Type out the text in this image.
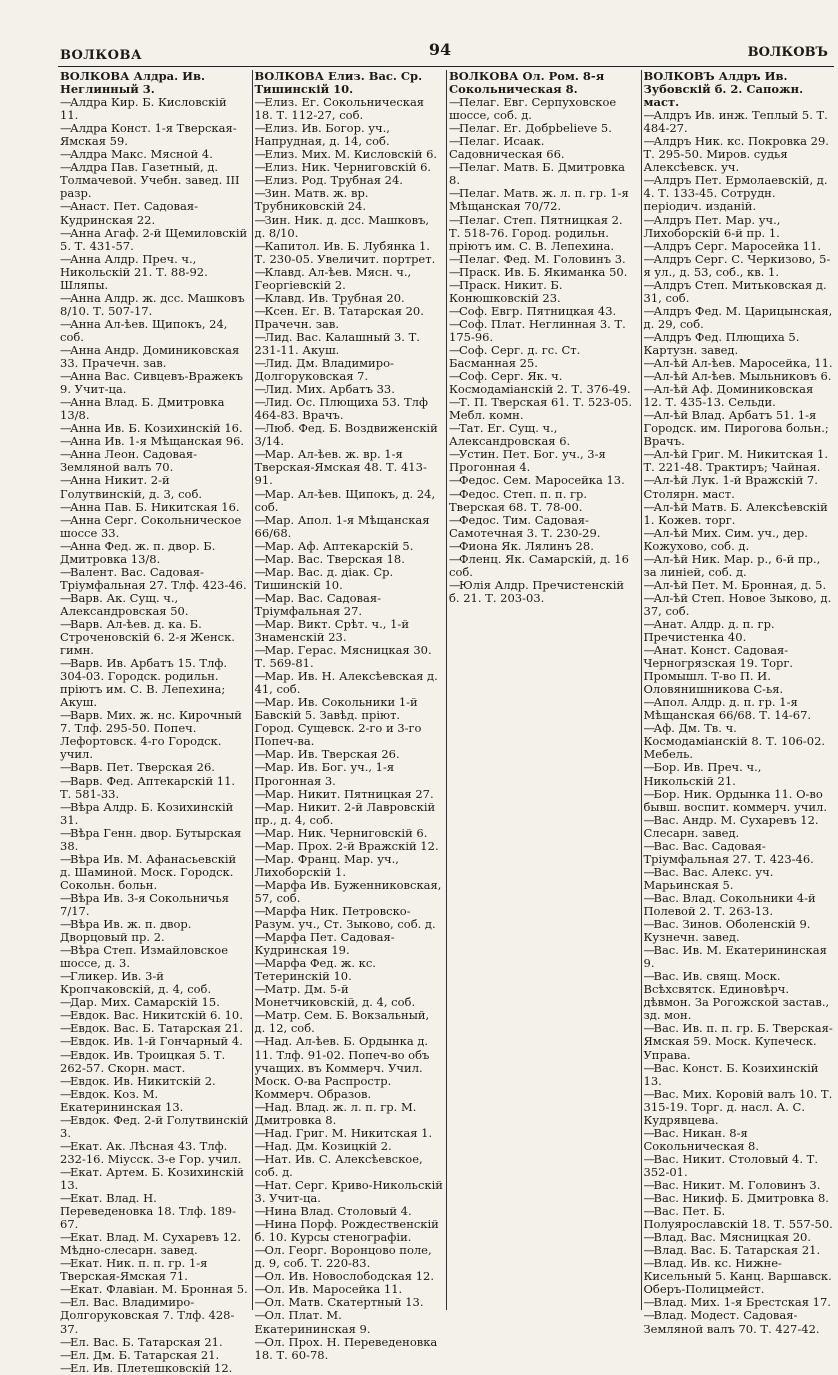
ВОЛКОВА	94	ВОЛКОВЪ
ВОЛКОВА Алдра. Ив. Неглинный 3.
—Алдра Кир. Б. Кисловскій 11.
—Алдра Конст. 1-я Тверская-Ямская 59.
—Алдра Макс. Мясной 4.
—Алдра Пав. Газетный, д. Толмачевой. Учебн. завед. III разр.
—Анаст. Пет. Садовая-Кудринская 22.
—Анна Агаф. 2-й Щемиловскій 5. Т. 431-57.
—Анна Алдр. Преч. ч., Никольскій 21. Т. 88-92. Шляпы.
—Анна Алдр. ж. дсс. Машковъ 8/10. Т. 507-17.
—Анна Ал-ѣев. Щипокъ, 24, соб.
—Анна Андр. Доминиковская 33. Прачечн. зав.
—Анна Вас. Сивцевъ-Вражекъ 9. Учит-ца.
—Анна Влад. Б. Дмитровка 13/8.
—Анна Ив. Б. Козихинскій 16.
—Анна Ив. 1-я Мѣщанская 96.
—Анна Леон. Садовая-Земляной валъ 70.
—Анна Никит. 2-й Голутвинскій, д. 3, соб.
—Анна Пав. Б. Никитская 16.
—Анна Серг. Сокольническое шоссе 33.
—Анна Фед. ж. п. двор. Б. Дмитровка 13/8.
—Валент. Вас. Садовая-Тріумфальная 27. Тлф. 423-46.
—Варв. Ак. Сущ. ч., Александровская 50.
—Варв. Ал-ѣев. д. ка. Б. Строченовскій 6. 2-я Женск. гимн.
—Варв. Ив. Арбатъ 15. Тлф. 304-03. Городск. родильн. пріютъ им. С. В. Лепехина; Акуш.
—Варв. Мих. ж. нс. Кирочный 7. Тлф. 295-50. Попеч. Лефортовск. 4-го Городск. учил.
—Варв. Пет. Тверская 26.
—Варв. Фед. Аптекарскій 11. Т. 581-33.
—Вѣра Алдр. Б. Козихинскій 31.
—Вѣра Генн. двор. Бутырская 38.
—Вѣра Ив. М. Афанасьевскій д. Шаминой. Моск. Городск. Сокольн. больн.
—Вѣра Ив. 3-я Сокольничья 7/17.
—Вѣра Ив. ж. п. двор. Дворцовый пр. 2.
—Вѣра Степ. Измайловское шоссе, д. 3.
—Гликер. Ив. 3-й Кропчаковскій, д. 4, соб.
—Дар. Мих. Самарскій 15.
—Евдок. Вас. Никитскій 6. 10.
—Евдок. Вас. Б. Татарская 21.
—Евдок. Ив. 1-й Гончарный 4.
—Евдок. Ив. Троицкая 5. Т. 262-57. Скорн. маст.
—Евдок. Ив. Никитскій 2.
—Евдок. Коз. М. Екатерининская 13.
—Евдок. Фед. 2-й Голутвинскій 3.
—Екат. Ак. Лѣсная 43. Тлф. 232-16. Міусск. 3-е Гор. учил.
—Екат. Артем. Б. Козихинскій 13.
—Екат. Влад. Н. Переведеновка 18. Тлф. 189-67.
—Екат. Влад. М. Сухаревъ 12. Мѣдно-слесарн. завед.
—Екат. Ник. п. п. гр. 1-я Тверская-Ямская 71.
—Екат. Флавіан. М. Бронная 5.
—Ел. Вас. Владимиро-Долгоруковская 7. Тлф. 428-37.
—Ел. Вас. Б. Татарская 21.
—Ел. Дм. Б. Татарская 21.
—Ел. Ив. Плетешковскій 12.
ВОЛКОВА Елиз. Вас. Ср. Тишинскій 10.
—Елиз. Ег. Сокольническая 18. Т. 112-27, соб.
—Елиз. Ив. Богор. уч., Напрудная, д. 14, соб.
—Елиз. Мих. М. Кисловскій 6.
—Елиз. Ник. Черниговскій 6.
—Елиз. Род. Трубная 24.
—Зин. Матв. ж. вр. Трубниковскій 24.
—Зин. Ник. д. дсс. Машковъ, д. 8/10.
—Капитол. Ив. Б. Лубянка 1. Т. 230-05. Увеличит. портрет.
—Клавд. Ал-ѣев. Мясн. ч., Георгіевскій 2.
—Клавд. Ив. Трубная 20.
—Ксен. Ег. В. Татарская 20. Прачечн. зав.
—Лид. Вас. Калашный 3. Т. 231-11. Акуш.
—Лид. Дм. Владимиро-Долгоруковская 7.
—Лид. Мих. Арбатъ 33.
—Лид. Ос. Плющиха 53. Тлф 464-83. Врачъ.
—Люб. Фед. Б. Воздвиженскій 3/14.
—Мар. Ал-ѣев. ж. вр. 1-я Тверская-Ямская 48. Т. 413-91.
—Мар. Ал-ѣев. Щипокъ, д. 24, соб.
—Мар. Апол. 1-я Мѣщанская 66/68.
—Мар. Аф. Аптекарскій 5.
—Мар. Вас. Тверская 18.
—Мар. Вас. д. діак. Ср. Тишинскій 10.
—Мар. Вас. Садовая-Тріумфальная 27.
—Мар. Викт. Срѣт. ч., 1-й Знаменскій 23.
—Мар. Герас. Мясницкая 30. Т. 569-81.
—Мар. Ив. Н. Алексѣевская д. 41, соб.
—Мар. Ив. Сокольники 1-й Бавскій 5. Завѣд. пріют. Город. Сущевск. 2-го и 3-го Попеч-ва.
—Мар. Ив. Тверская 26.
—Мар. Ив. Бог. уч., 1-я Прогонная 3.
—Мар. Никит. Пятницкая 27.
—Мар. Никит. 2-й Лавровскій пр., д. 4, соб.
—Мар. Ник. Черниговскій 6.
—Мар. Прох. 2-й Вражскій 12.
—Мар. Франц. Мар. уч., Лихоборскій 1.
—Марфа Ив. Буженниковская, 57, соб.
—Марфа Ник. Петровско-Разум. уч., Ст. Зыково, соб. д.
—Марфа Пет. Садовая-Кудринская 19.
—Марфа Фед. ж. кс. Тетеринскій 10.
—Матр. Дм. 5-й Монетчиковскій, д. 4, соб.
—Матр. Сем. Б. Вокзальный, д. 12, соб.
—Над. Ал-ѣев. Б. Ордынка д. 11. Тлф. 91-02. Попеч-во объ учащих. въ Коммерч. Учил. Моск. О-ва Распростр. Коммерч. Образов.
—Над. Влад. ж. л. п. гр. М. Дмитровка 8.
—Над. Григ. М. Никитская 1.
—Над. Дм. Козицкій 2.
—Нат. Ив. С. Алексѣевское, соб. д.
—Нат. Серг. Криво-Никольскій 3. Учит-ца.
—Нина Влад. Столовый 4.
—Нина Порф. Рождественскій б. 10. Курсы стенографіи.
—Ол. Георг. Воронцово поле, д. 9, соб. Т. 220-83.
—Ол. Ив. Новослободская 12.
—Ол. Ив. Маросейка 11.
—Ол. Матв. Скатертный 13.
—Ол. Плат. М. Екатерининская 9.
—Ол. Прох. Н. Переведеновка 18. Т. 60-78.
ВОЛКОВА Ол. Ром. 8-я Сокольническая 8.
—Пелаг. Евг. Серпуховское шоссе, соб. д.
—Пелаг. Ег. Добрbelieve 5.
—Пелаг. Исаак. Садовническая 66.
—Пелаг. Матв. Б. Дмитровка 8.
—Пелаг. Матв. ж. л. п. гр. 1-я Мѣщанская 70/72.
—Пелаг. Степ. Пятницкая 2. Т. 518-76. Город. родильн. пріютъ им. С. В. Лепехина.
—Пелаг. Фед. М. Головинъ 3.
—Праск. Ив. Б. Якиманка 50.
—Праск. Никит. Б. Конюшковскій 23.
—Соф. Евгр. Пятницкая 43.
—Соф. Плат. Неглинная 3. Т. 175-96.
—Соф. Серг. д. гс. Ст. Басманная 25.
—Соф. Серг. Як. ч. Космодаміанскій 2. Т. 376-49.
—Т. П. Тверская 61. Т. 523-05. Мебл. комн.
—Тат. Ег. Сущ. ч., Александровская 6.
—Устин. Пет. Бог. уч., 3-я Прогонная 4.
—Федос. Сем. Маросейка 13.
—Федос. Степ. п. п. гр. Тверская 68. Т. 78-00.
—Федос. Тим. Садовая-Самотечная 3. Т. 230-29.
—Фиона Як. Лялинъ 28.
—Фленц. Як. Самарскій, д. 16 соб.
—Юлія Алдр. Пречистенскій б. 21. Т. 203-03.
ВОЛКОВЪ Алдръ Ив. Зубовскій б. 2. Сапожн. маст.
—Алдръ Ив. инж. Теплый 5. Т. 484-27.
—Алдръ Ник. кс. Покровка 29. Т. 295-50. Миров. судья Алексѣевск. уч.
—Алдръ Пет. Ермолаевскій, д. 4. Т. 133-45. Сотрудн. періодич. изданій.
—Алдръ Пет. Мар. уч., Лихоборскій 6-й пр. 1.
—Алдръ Серг. Маросейка 11.
—Алдръ Серг. С. Черкизово, 5-я ул., д. 53, соб., кв. 1.
—Алдръ Степ. Митьковская д. 31, соб.
—Алдръ Фед. М. Царицынская, д. 29, соб.
—Алдръ Фед. Плющиха 5. Картузн. завед.
—Ал-ѣй Ал-ѣев. Маросейка, 11.
—Ал-ѣй Ал-ѣев. Мыльниковъ 6.
—Ал-ѣй Аф. Доминиковская 12. Т. 435-13. Сельди.
—Ал-ѣй Влад. Арбатъ 51. 1-я Городск. им. Пирогова больн.; Врачъ.
—Ал-ѣй Григ. М. Никитская 1. Т. 221-48. Трактиръ; Чайная.
—Ал-ѣй Лук. 1-й Вражскій 7. Столярн. маст.
—Ал-ѣй Матв. Б. Алексѣевскій 1. Кожев. торг.
—Ал-ѣй Мих. Сим. уч., дер. Кожухово, соб. д.
—Ал-ѣй Ник. Мар. р., 6-й пр., за линіей, соб. д.
—Ал-ѣй Пет. М. Бронная, д. 5.
—Ал-ѣй Степ. Новое Зыково, д. 37, соб.
—Анат. Алдр. д. п. гр. Пречистенка 40.
—Анат. Конст. Садовая-Черногрязская 19. Торг. Промышл. Т-во П. И. Оловянишникова С-ья.
—Апол. Алдр. д. п. гр. 1-я Мѣщанская 66/68. Т. 14-67.
—Аф. Дм. Тв. ч. Космодаміанскій 8. Т. 106-02. Мебель.
—Бор. Ив. Преч. ч., Никольскій 21.
—Бор. Ник. Ордынка 11. О-во бывш. воспит. коммерч. учил.
—Вас. Андр. М. Сухаревъ 12. Слесарн. завед.
—Вас. Вас. Садовая-Тріумфальная 27. Т. 423-46.
—Вас. Вас. Алекс. уч. Марьинская 5.
—Вас. Влад. Сокольники 4-й Полевой 2. Т. 263-13.
—Вас. Зинов. Оболенскій 9. Кузнечн. завед.
—Вас. Ив. М. Екатерининская 9.
—Вас. Ив. свящ. Моск. Всѣхсвятск. Единовѣрч. дѣвмон. За Рогожской застав., зд. мон.
—Вас. Ив. п. п. гр. Б. Тверская-Ямская 59. Моск. Купеческ. Управа.
—Вас. Конст. Б. Козихинскій 13.
—Вас. Мих. Коровій валъ 10. Т. 315-19. Торг. д. насл. А. С. Кудрявцева.
—Вас. Никан. 8-я Сокольническая 8.
—Вас. Никит. Столовый 4. Т. 352-01.
—Вас. Никит. М. Головинъ 3.
—Вас. Никиф. Б. Дмитровка 8.
—Вас. Пет. Б. Полуярославскій 18. Т. 557-50.
—Влад. Вас. Мясницкая 20.
—Влад. Вас. Б. Татарская 21.
—Влад. Ив. кс. Нижне-Кисельный 5. Канц. Варшавск. Оберъ-Полицмейст.
—Влад. Мих. 1-я Брестская 17.
—Влад. Модест. Садовая-Земляной валъ 70. Т. 427-42.
